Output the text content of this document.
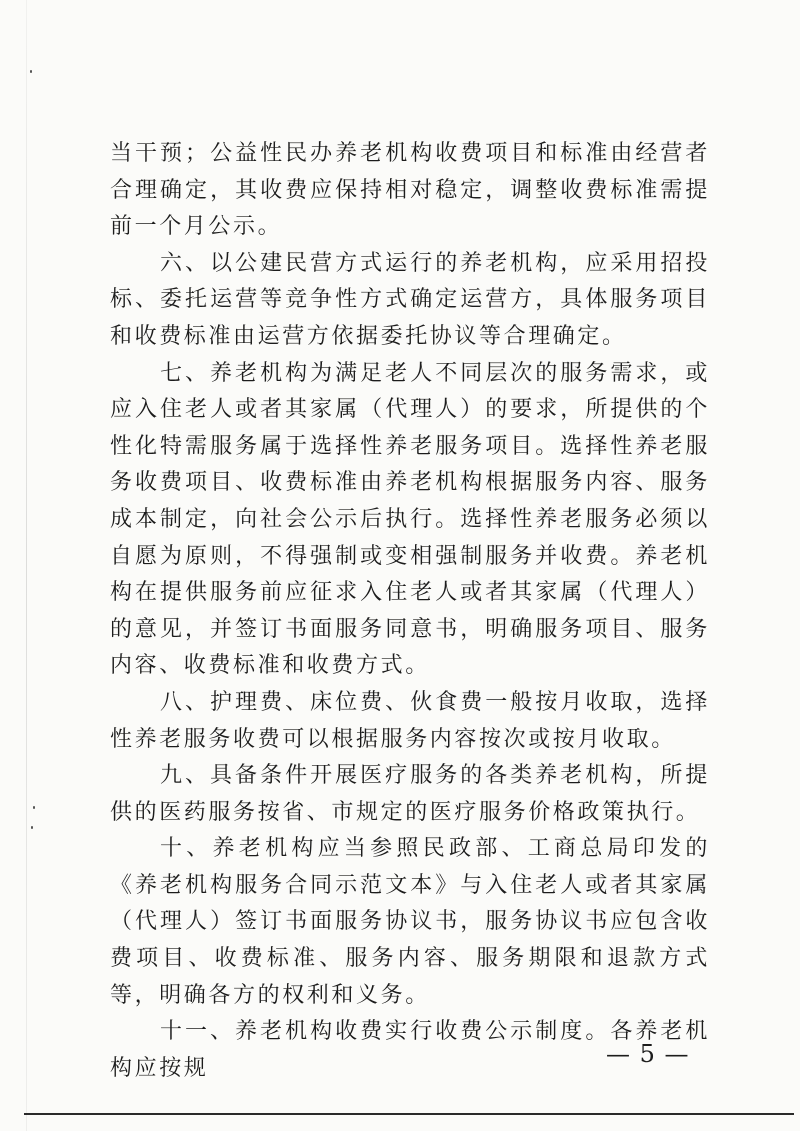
当干预；公益性民办养老机构收费项目和标准由经营者合理确定，其收费应保持相对稳定，调整收费标准需提前一个月公示。

六、以公建民营方式运行的养老机构，应采用招投标、委托运营等竞争性方式确定运营方，具体服务项目和收费标准由运营方依据委托协议等合理确定。

七、养老机构为满足老人不同层次的服务需求，或应入住老人或者其家属（代理人）的要求，所提供的个性化特需服务属于选择性养老服务项目。选择性养老服务收费项目、收费标准由养老机构根据服务内容、服务成本制定，向社会公示后执行。选择性养老服务必须以自愿为原则，不得强制或变相强制服务并收费。养老机构在提供服务前应征求入住老人或者其家属（代理人）的意见，并签订书面服务同意书，明确服务项目、服务内容、收费标准和收费方式。

八、护理费、床位费、伙食费一般按月收取，选择性养老服务收费可以根据服务内容按次或按月收取。

九、具备条件开展医疗服务的各类养老机构，所提供的医药服务按省、市规定的医疗服务价格政策执行。

十、养老机构应当参照民政部、工商总局印发的《养老机构服务合同示范文本》与入住老人或者其家属（代理人）签订书面服务协议书，服务协议书应包含收费项目、收费标准、服务内容、服务期限和退款方式等，明确各方的权利和义务。

十一、养老机构收费实行收费公示制度。各养老机构应按规

— 5 —
